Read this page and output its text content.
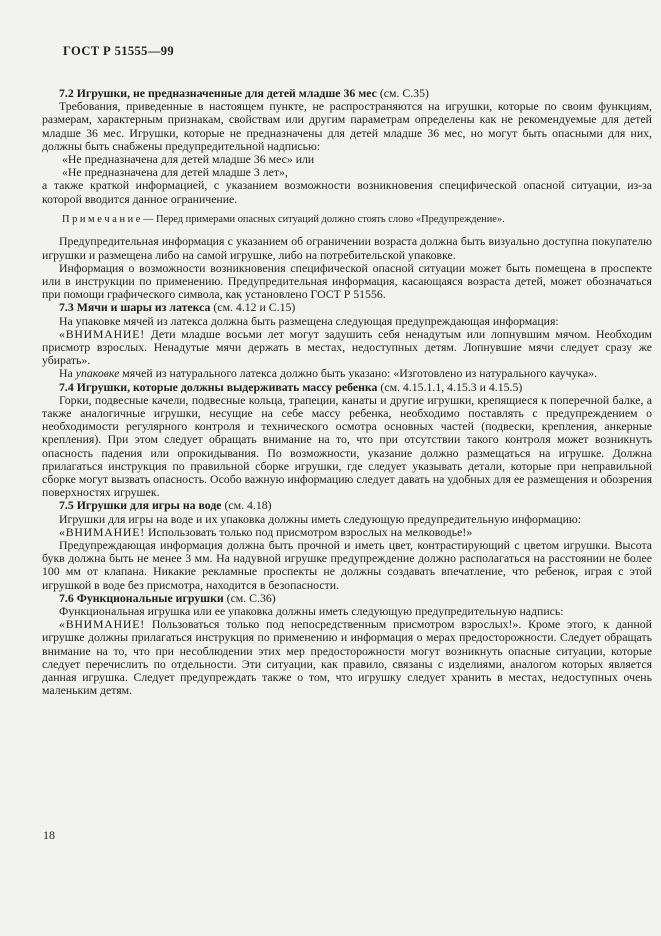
ГОСТ Р 51555—99

7.2 Игрушки, не предназначенные для детей младше 36 мес (см. С.35)

Требования, приведенные в настоящем пункте, не распространяются на игрушки, которые по своим функциям, размерам, характерным признакам, свойствам или другим параметрам определены как не рекомендуемые для детей младше 36 мес. Игрушки, которые не предназначены для детей младше 36 мес, но могут быть опасными для них, должны быть снабжены предупредительной надписью:

«Не предназначена для детей младше 36 мес» или

«Не предназначена для детей младше 3 лет»,

а также краткой информацией, с указанием возможности возникновения специфической опасной ситуации, из-за которой вводится данное ограничение.

П р и м е ч а н и е — Перед примерами опасных ситуаций должно стоять слово «Предупреждение».

Предупредительная информация с указанием об ограничении возраста должна быть визуально доступна покупателю игрушки и размещена либо на самой игрушке, либо на потребительской упаковке.

Информация о возможности возникновения специфической опасной ситуации может быть помещена в проспекте или в инструкции по применению. Предупредительная информация, касающаяся возраста детей, может обозначаться при помощи графического символа, как установлено ГОСТ Р 51556.

7.3 Мячи и шары из латекса (см. 4.12 и С.15)

На упаковке мячей из латекса должна быть размещена следующая предупреждающая информация:

«ВНИМАНИЕ! Дети младше восьми лет могут задушить себя ненадутым или лопнувшим мячом. Необходим присмотр взрослых. Ненадутые мячи держать в местах, недоступных детям. Лопнувшие мячи следует сразу же убирать».

На упаковке мячей из натурального латекса должно быть указано: «Изготовлено из натурального каучука».

7.4 Игрушки, которые должны выдерживать массу ребенка (см. 4.15.1.1, 4.15.3 и 4.15.5)

Горки, подвесные качели, подвесные кольца, трапеции, канаты и другие игрушки, крепящиеся к поперечной балке, а также аналогичные игрушки, несущие на себе массу ребенка, необходимо поставлять с предупреждением о необходимости регулярного контроля и технического осмотра основных частей (подвески, крепления, анкерные крепления). При этом следует обращать внимание на то, что при отсутствии такого контроля может возникнуть опасность падения или опрокидывания. По возможности, указание должно размещаться на игрушке. Должна прилагаться инструкция по правильной сборке игрушки, где следует указывать детали, которые при неправильной сборке могут вызвать опасность. Особо важную информацию следует давать на удобных для ее размещения и обозрения поверхностях игрушек.

7.5 Игрушки для игры на воде (см. 4.18)

Игрушки для игры на воде и их упаковка должны иметь следующую предупредительную информацию:

«ВНИМАНИЕ! Использовать только под присмотром взрослых на мелководье!»

Предупреждающая информация должна быть прочной и иметь цвет, контрастирующий с цветом игрушки. Высота букв должна быть не менее 3 мм. На надувной игрушке предупреждение должно располагаться на расстоянии не более 100 мм от клапана. Никакие рекламные проспекты не должны создавать впечатление, что ребенок, играя с этой игрушкой в воде без присмотра, находится в безопасности.

7.6 Функциональные игрушки (см. С.36)

Функциональная игрушка или ее упаковка должны иметь следующую предупредительную надпись:

«ВНИМАНИЕ! Пользоваться только под непосредственным присмотром взрослых!». Кроме этого, к данной игрушке должны прилагаться инструкция по применению и информация о мерах предосторожности. Следует обращать внимание на то, что при несоблюдении этих мер предосторожности могут возникнуть опасные ситуации, которые следует перечислить по отдельности. Эти ситуации, как правило, связаны с изделиями, аналогом которых является данная игрушка. Следует предупреждать также о том, что игрушку следует хранить в местах, недоступных очень маленьким детям.

18
